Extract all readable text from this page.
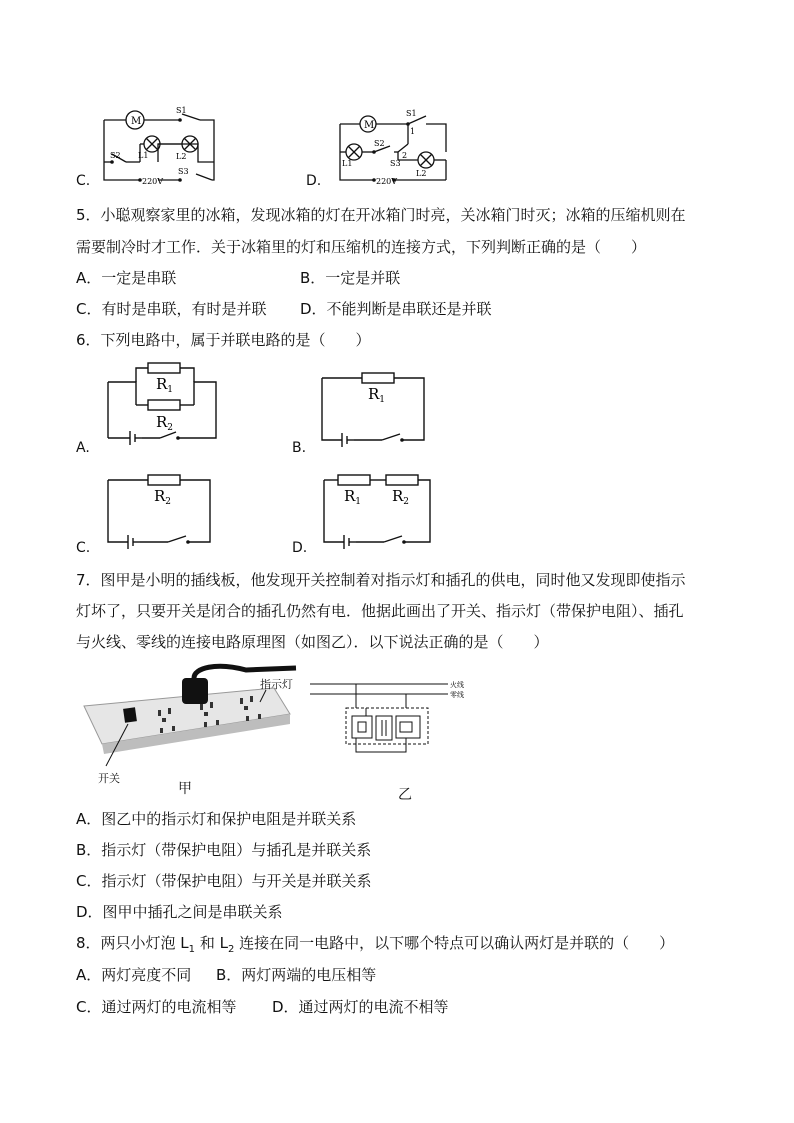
C.
M
S1
S2
S3
L1	L2
220V	D.
M
S1
S2
S3
L1
L2
220V
1
2
5．小聪观察家里的冰箱，发现冰箱的灯在开冰箱门时亮，关冰箱门时灭；冰箱的压缩机则在
需要制冷时才工作．关于冰箱里的灯和压缩机的连接方式，下列判断正确的是（　　）
A．一定是串联	B．一定是并联
C．有时是串联，有时是并联 D．不能判断是串联还是并联
6．下列电路中，属于并联电路的是（　　）
A.
$R_1$
$R_2$
B.
$R_1$
C.
$R_2$
D.
$R_1$ $R_2$
7．图甲是小明的插线板，他发现开关控制着对指示灯和插孔的供电，同时他又发现即使指示
灯坏了，只要开关是闭合的插孔仍然有电．他据此画出了开关、指示灯（带保护电阻）、插孔
与火线、零线的连接电路原理图（如图乙）．以下说法正确的是（　　）
指示灯
开关
甲
火线
零线
乙
A．图乙中的指示灯和保护电阻是并联关系
B．指示灯（带保护电阻）与插孔是并联关系
C．指示灯（带保护电阻）与开关是并联关系
D．图甲中插孔之间是串联关系
8．两只小灯泡 $L_1$ 和 $L_2$ 连接在同一电路中，以下哪个特点可以确认两灯是并联的（　　）
A．两灯亮度不同 B．两灯两端的电压相等
C．通过两灯的电流相等 D．通过两灯的电流不相等
